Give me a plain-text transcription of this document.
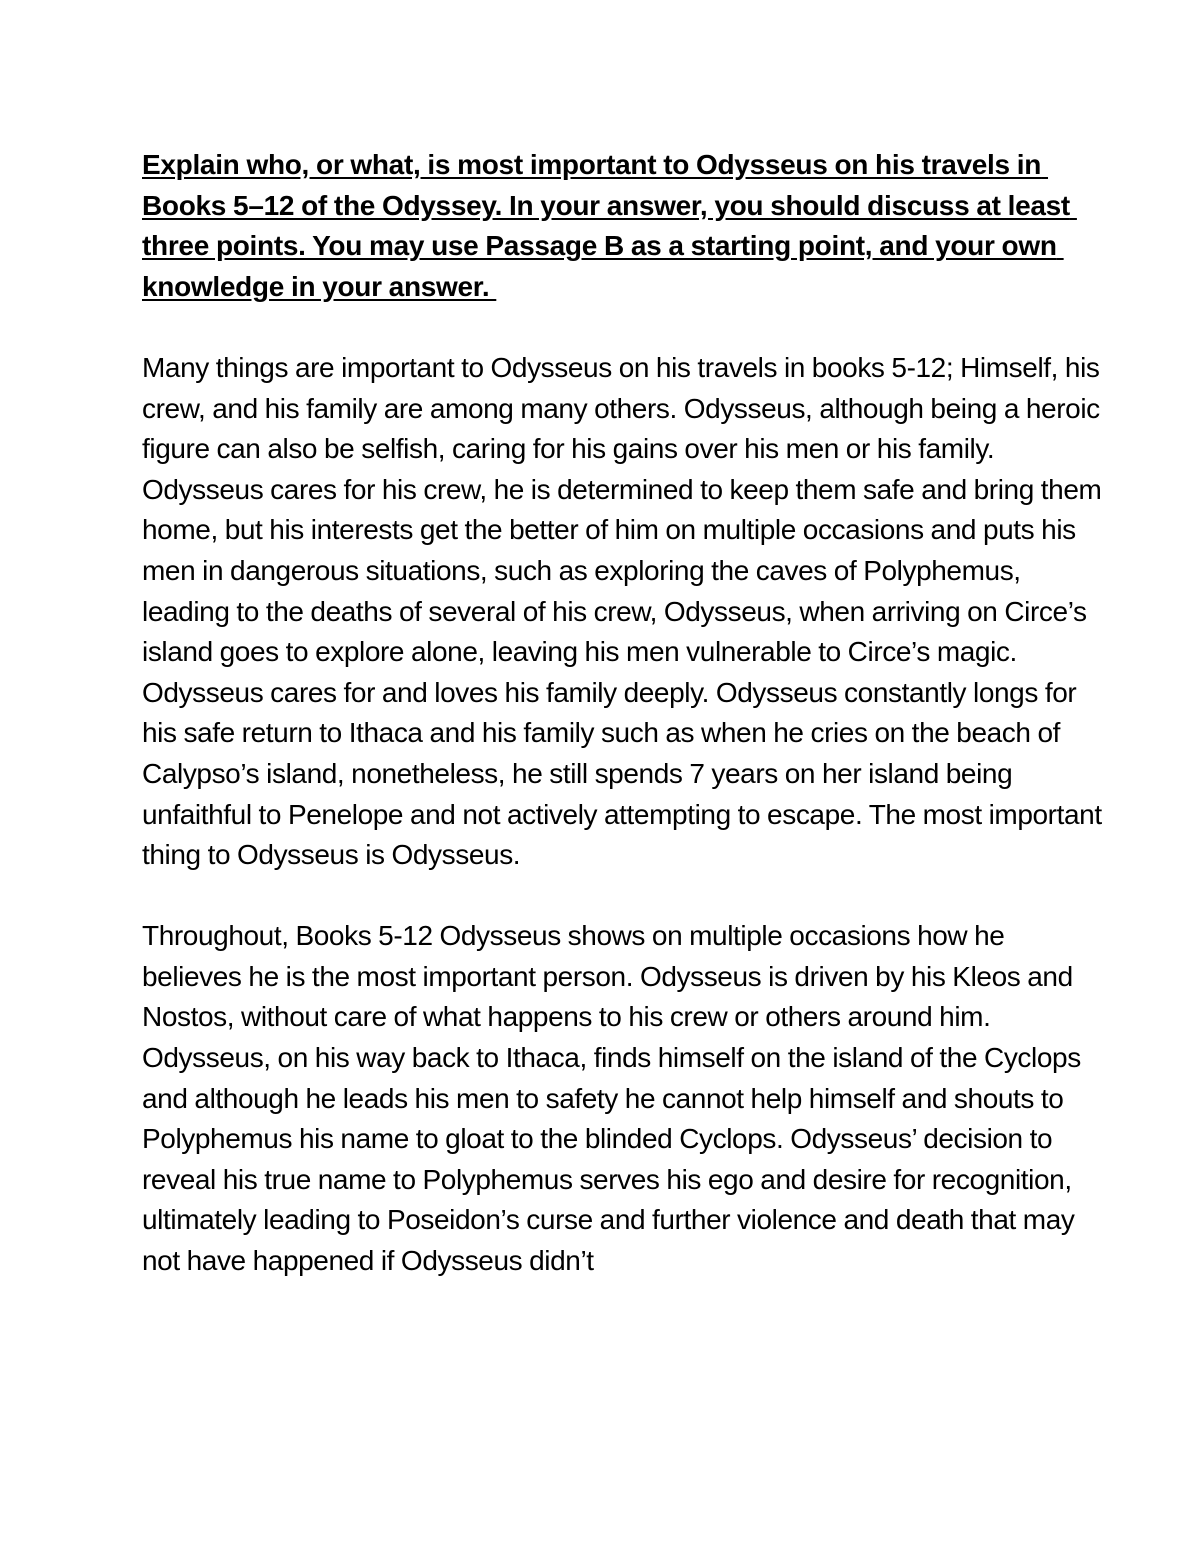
Explain who, or what, is most important to Odysseus on his travels in Books 5–12 of the Odyssey. In your answer, you should discuss at least three points. You may use Passage B as a starting point, and your own knowledge in your answer.

Many things are important to Odysseus on his travels in books 5-12; Himself, his crew, and his family are among many others. Odysseus, although being a heroic figure can also be selfish, caring for his gains over his men or his family. Odysseus cares for his crew, he is determined to keep them safe and bring them home, but his interests get the better of him on multiple occasions and puts his men in dangerous situations, such as exploring the caves of Polyphemus, leading to the deaths of several of his crew, Odysseus, when arriving on Circe’s island goes to explore alone, leaving his men vulnerable to Circe’s magic. Odysseus cares for and loves his family deeply. Odysseus constantly longs for his safe return to Ithaca and his family such as when he cries on the beach of Calypso’s island, nonetheless, he still spends 7 years on her island being unfaithful to Penelope and not actively attempting to escape. The most important thing to Odysseus is Odysseus.

Throughout, Books 5-12 Odysseus shows on multiple occasions how he believes he is the most important person. Odysseus is driven by his Kleos and Nostos, without care of what happens to his crew or others around him. Odysseus, on his way back to Ithaca, finds himself on the island of the Cyclops and although he leads his men to safety he cannot help himself and shouts to Polyphemus his name to gloat to the blinded Cyclops. Odysseus’ decision to reveal his true name to Polyphemus serves his ego and desire for recognition, ultimately leading to Poseidon’s curse and further violence and death that may not have happened if Odysseus didn’t
